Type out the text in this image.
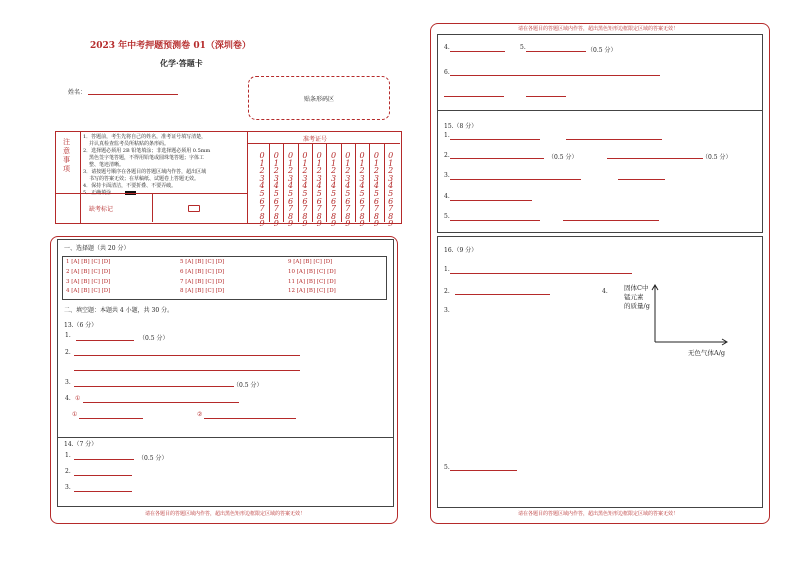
2023 年中考押题预测卷 01（深圳卷）
化学·答题卡
姓名：
贴条形码区
注意事项
1．答题前，考生先将自己的姓名，准考证号填写清楚，
并认真检查监考员所粘贴的条形码。
2．选择题必须用 2B 铅笔填涂；非选择题必须用 0.5mm
黑色签字笔答题，不得用铅笔或圆珠笔答题；字体工
整、笔迹清晰。
3．请按题号顺序在各题目的答题区域内作答，超出区域
书写的答案无效；在草稿纸、试题卷上答题无效。
4．保持卡面清洁，不要折叠、不要弄破。
5．正确填涂
准考证号
0
1
2
3
4
5
6
7
8
9
0
1
2
3
4
5
6
7
8
9
0
1
2
3
4
5
6
7
8
9
0
1
2
3
4
5
6
7
8
9
0
1
2
3
4
5
6
7
8
9
0
1
2
3
4
5
6
7
8
9
0
1
2
3
4
5
6
7
8
9
0
1
2
3
4
5
6
7
8
9
0
1
2
3
4
5
6
7
8
9
0
1
2
3
4
5
6
7
8
9
缺考标记
一、选择题（共 20 分）
1 [A] [B] [C] [D]	5 [A] [B] [C] [D]	9 [A] [B] [C] [D]
2 [A] [B] [C] [D]	6 [A] [B] [C] [D]	10 [A] [B] [C] [D]
3 [A] [B] [C] [D]	7 [A] [B] [C] [D]	11 [A] [B] [C] [D]
4 [A] [B] [C] [D]	8 [A] [B] [C] [D]	12 [A] [B] [C] [D]
二、填空题：本题共 4 小题，共 30 分。
13.（6 分）
1.	（0.5 分）
2.
3.	（0.5 分）
4. ①
①	②
14.（7 分）
1.	（0.5 分）
2.
3.
请在各题目的答题区域内作答，超出黑色矩形边框限定区域的答案无效！
请在各题目的答题区域内作答，超出黑色矩形边框限定区域的答案无效！
4.	5.	（0.5 分）
6.
15.（8 分）
1.
2.	（0.5 分）	（0.5 分）
3.
4.
5.
16.（9 分）
1.
2.
3.
4.	固体C中
锰元素
的质量/g
无色气体A/g
5.
请在各题目的答题区域内作答，超出黑色矩形边框限定区域的答案无效！
